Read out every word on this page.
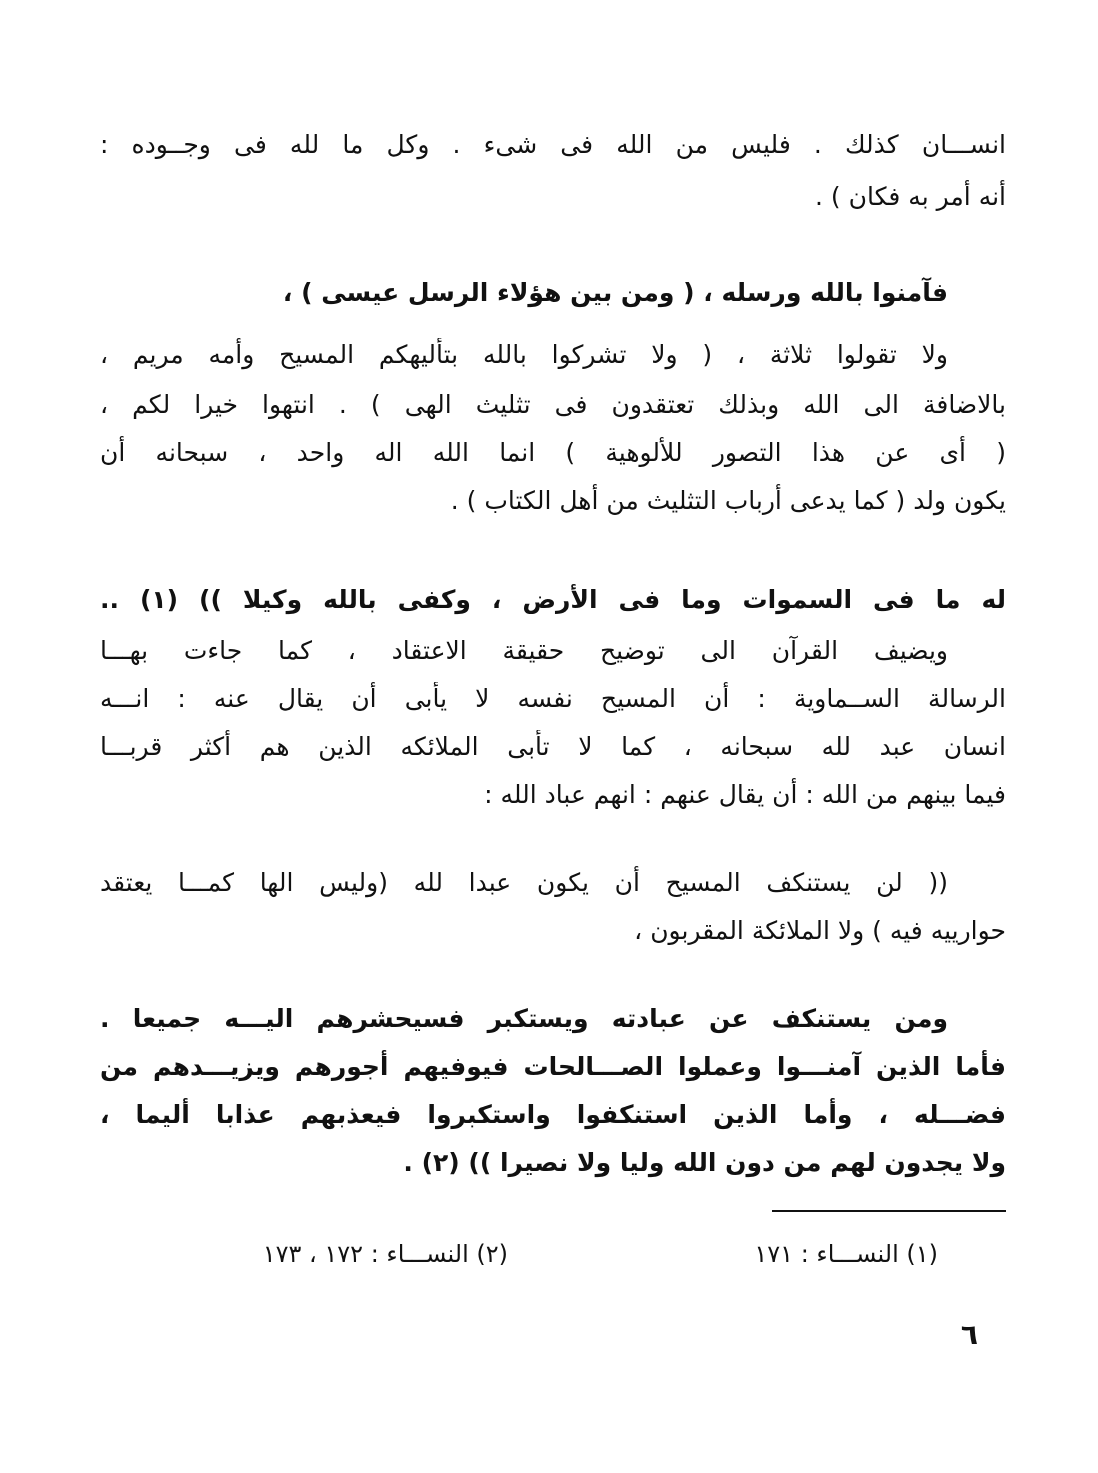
انســـان كذلك . فليس من الله فى شىء . وكل ما لله فى وجــوده :
أنه أمر به فكان ) .
فآمنوا بالله ورسله ، ( ومن بين هؤلاء الرسل عيسى ) ،
ولا تقولوا ثلاثة ، ( ولا تشركوا بالله بتأليهكم المسيح وأمه مريم ،
بالاضافة الى الله وبذلك تعتقدون فى تثليث الهى ) . انتهوا خيرا لكم ،
( أى عن هذا التصور للألوهية ) انما الله اله واحد ، سبحانه أن
يكون ولد ( كما يدعى أرباب التثليث من أهل الكتاب ) .
له ما فى السموات وما فى الأرض ، وكفى بالله وكيلا )) (١) ..
ويضيف القرآن الى توضيح حقيقة الاعتقاد ، كما جاءت بهـــا
الرسالة الســماوية : أن المسيح نفسه لا يأبى أن يقال عنه : انـــه
انسان عبد لله سبحانه ، كما لا تأبى الملائكه الذين هم أكثر قربـــا
فيما بينهم من الله : أن يقال عنهم : انهم عباد الله :
(( لن يستنكف المسيح أن يكون عبدا لله (وليس الها كمـــا يعتقد
حوارييه فيه ) ولا الملائكة المقربون ،
ومن يستنكف عن عبادته ويستكبر فسيحشرهم اليـــه جميعا .
فأما الذين آمنـــوا وعملوا الصـــالحات فيوفيهم أجورهم ويزيـــدهم من
فضـــله ، وأما الذين استنكفوا واستكبروا فيعذبهم عذابا أليما ،
ولا يجدون لهم من دون الله وليا ولا نصيرا )) (٢) .
(١) النســـاء : ١٧١
(٢) النســـاء : ١٧٢ ، ١٧٣
٦
